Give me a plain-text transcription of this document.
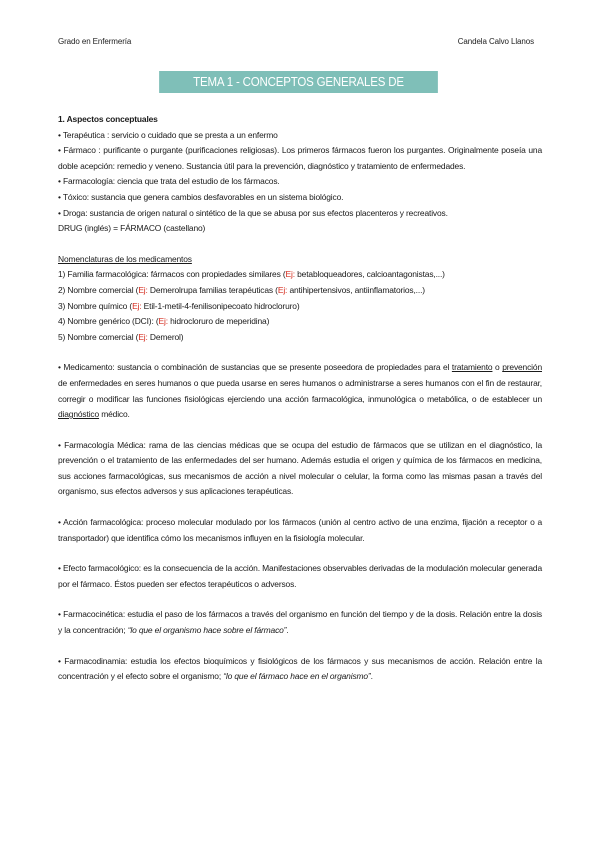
Grado en Enfermería	Candela Calvo Llanos
TEMA 1 - CONCEPTOS GENERALES DE FARMACOLOGÍA

1. Aspectos conceptuales

• Terapéutica : servicio o cuidado que se presta a un enfermo

• Fármaco : purificante o purgante (purificaciones religiosas). Los primeros fármacos fueron los purgantes. Originalmente poseía una doble acepción: remedio y veneno. Sustancia útil para la prevención, diagnóstico y tratamiento de enfermedades.

• Farmacología: ciencia que trata del estudio de los fármacos.

• Tóxico: sustancia que genera cambios desfavorables en un sistema biológico.

• Droga: sustancia de origen natural o sintético de la que se abusa por sus efectos placenteros y recreativos.

DRUG (inglés) = FÁRMACO (castellano)

Nomenclaturas de los medicamentos

1) Familia farmacológica: fármacos con propiedades similares (Ej: betabloqueadores, calcioantagonistas,...)

2) Nombre comercial (Ej: Demerolrupa familias terapéuticas (Ej: antihipertensivos, antiinflamatorios,...)

3) Nombre químico (Ej: Etil-1-metil-4-fenilisonipecoato hidrocloruro)

4) Nombre genérico (DCI): (Ej: hidrocloruro de meperidina)

5) Nombre comercial (Ej: Demerol)

• Medicamento: sustancia o combinación de sustancias que se presente poseedora de propiedades para el tratamiento o prevención de enfermedades en seres humanos o que pueda usarse en seres humanos o administrarse a seres humanos con el fin de restaurar, corregir o modificar las funciones fisiológicas ejerciendo una acción farmacológica, inmunológica o metabólica, o de establecer un diagnóstico médico.

• Farmacología Médica: rama de las ciencias médicas que se ocupa del estudio de fármacos que se utilizan en el diagnóstico, la prevención o el tratamiento de las enfermedades del ser humano. Además estudia el origen y química de los fármacos en medicina, sus acciones farmacológicas, sus mecanismos de acción a nivel molecular o celular, la forma como las mismas pasan a través del organismo, sus efectos adversos y sus aplicaciones terapéuticas.

• Acción farmacológica: proceso molecular modulado por los fármacos (unión al centro activo de una enzima, fijación a receptor o a transportador) que identifica cómo los mecanismos influyen en la fisiología molecular.

• Efecto farmacológico: es la consecuencia de la acción. Manifestaciones observables derivadas de la modulación molecular generada por el fármaco. Éstos pueden ser efectos terapéuticos o adversos.

• Farmacocinética: estudia el paso de los fármacos a través del organismo en función del tiempo y de la dosis. Relación entre la dosis y la concentración; “lo que el organismo hace sobre el fármaco”.

• Farmacodinamia: estudia los efectos bioquímicos y fisiológicos de los fármacos y sus mecanismos de acción. Relación entre la concentración y el efecto sobre el organismo; “lo que el fármaco hace en el organismo”.
